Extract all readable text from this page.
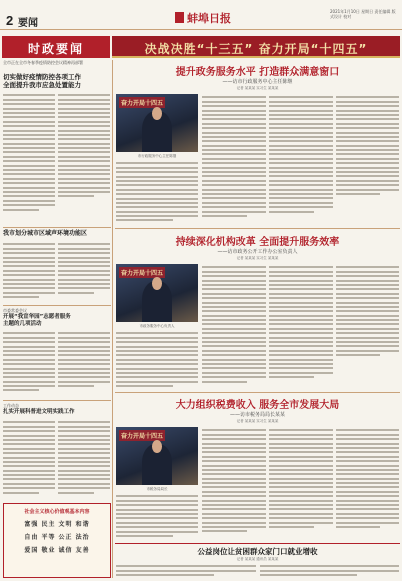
2 要闻	蚌埠日报
2021年1月10日 星期日 责任编辑 版式设计 校对
时政要闻	决战决胜“十三五” 奋力开局“十四五”
全市正在全市冬春季疫情防控会议精神再部署
切实做好疫情防控各项工作
全面提升我市应急处置能力
我市划分城市区域声环境功能区
市委常委会议
开展“我宣华园”志愿者服务
主题的几项活动
工作动态
扎实开展科普进文明实践工作
社会主义核心价值观基本内容
富强 民主 文明 和谐
自由 平等 公正 法治
爱国 敬业 诚信 友善
提升政务服务水平 打造群众满意窗口
——访市行政服务中心主任陈继
记者 某某某 实习生 某某某
奋力开局十四五
市行政服务中心主任陈继
持续深化机构改革 全面提升服务效率
——访市政务公开工作办公室负责人
记者 某某某 实习生 某某某
奋力开局十四五
市政务服务中心负责人
大力组织税费收入 服务全市发展大局
——访市税务局局长某某
记者 某某某 实习生 某某某
奋力开局十四五
市税务局局长
公益岗位让贫困群众家门口就业增收
记者 某某某 通讯员 某某某
